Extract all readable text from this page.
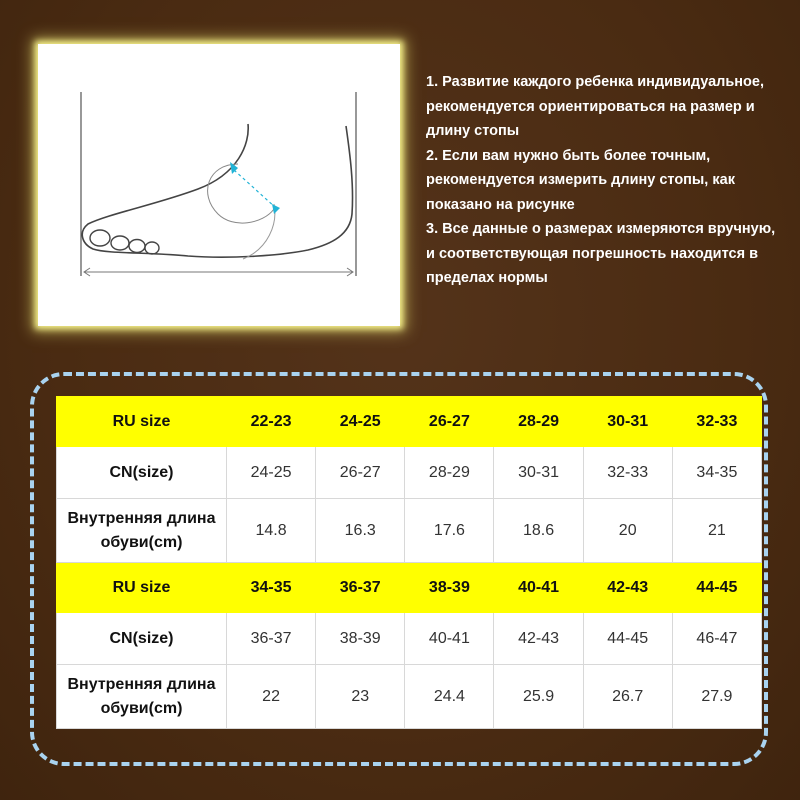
1. Развитие каждого ребенка индивидуальное, рекомендуется ориентироваться на размер и длину стопы

2. Если вам нужно быть более точным, рекомендуется измерить длину стопы, как показано на рисунке

3. Все данные о размерах измеряются вручную, и соответствующая погрешность находится в пределах нормы

RU size	22-23	24-25	26-27	28-29	30-31	32-33
CN(size)	24-25	26-27	28-29	30-31	32-33	34-35
Внутренняя длина обуви(cm)	14.8	16.3	17.6	18.6	20	21
RU size	34-35	36-37	38-39	40-41	42-43	44-45
CN(size)	36-37	38-39	40-41	42-43	44-45	46-47
Внутренняя длина обуви(cm)	22	23	24.4	25.9	26.7	27.9
